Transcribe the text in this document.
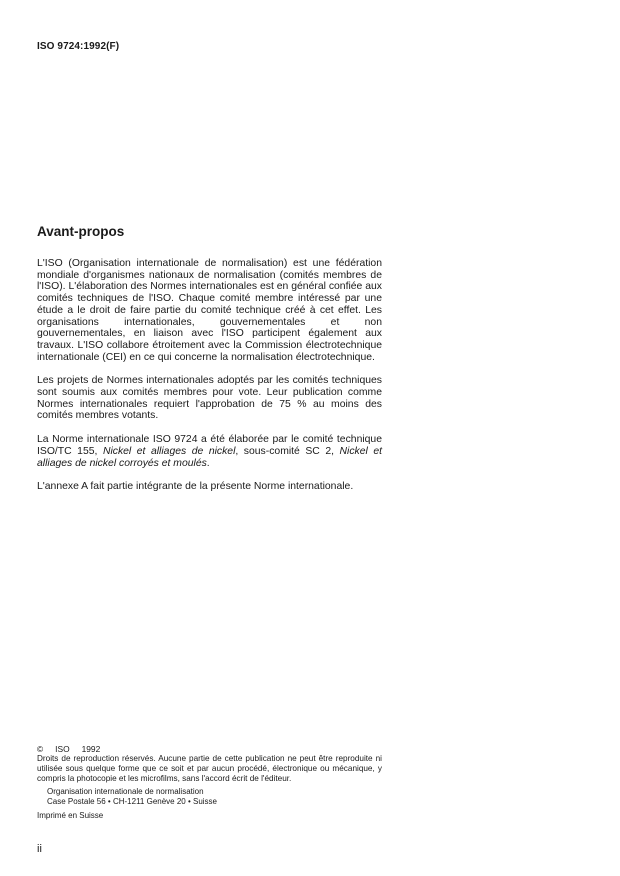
ISO 9724:1992(F)
Avant-propos

L'ISO (Organisation internationale de normalisation) est une fédération mondiale d'organismes nationaux de normalisation (comités membres de l'ISO). L'élaboration des Normes internationales est en général confiée aux comités techniques de l'ISO. Chaque comité membre intéressé par une étude a le droit de faire partie du comité technique créé à cet effet. Les organisations internationales, gouvernementales et non gouvernementales, en liaison avec l'ISO participent également aux travaux. L'ISO collabore étroitement avec la Commission électrotechnique internationale (CEI) en ce qui concerne la normalisation électrotechnique.

Les projets de Normes internationales adoptés par les comités techniques sont soumis aux comités membres pour vote. Leur publication comme Normes internationales requiert l'approbation de 75 % au moins des comités membres votants.

La Norme internationale ISO 9724 a été élaborée par le comité technique ISO/TC 155, Nickel et alliages de nickel, sous-comité SC 2, Nickel et alliages de nickel corroyés et moulés.

L'annexe A fait partie intégrante de la présente Norme internationale.

© ISO 1992
Droits de reproduction réservés. Aucune partie de cette publication ne peut être reproduite ni utilisée sous quelque forme que ce soit et par aucun procédé, électronique ou mécanique, y compris la photocopie et les microfilms, sans l'accord écrit de l'éditeur.
Organisation internationale de normalisation
Case Postale 56 • CH-1211 Genève 20 • Suisse
Imprimé en Suisse
ii
